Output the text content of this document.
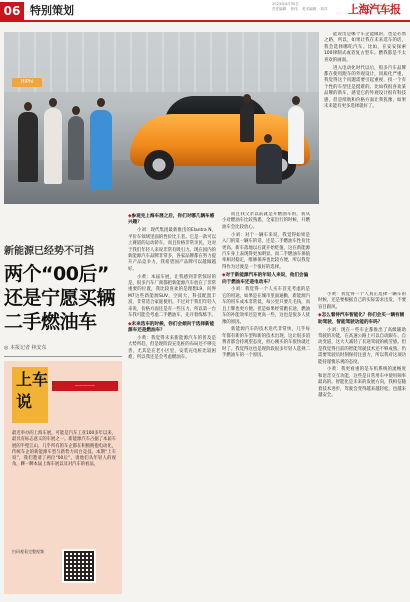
06 特别策划	2023年4月30日
责任编辑 张伟 美术编辑 刘洋	上海汽车报
HiPhi

能说出是哪个车企能做的，也是必然之路，所以，如果让我在未来选车的话，我会选择哪吒汽车。比如，在安安探索100律制式或者复古型车。燃我都是不太喜欢的画面。

进入电动化时代以后，很多汽车品牌都在使用跑车的外观设计，同质化严重，我觉得这个问题需要引起重视，找一个有个性的车型还是挺难的。比如我很喜欢某品牌的新车，感觉它的外观设计很有科技感，但是续航和价格方面让我犹豫，如果未来能有更多选择就好了。

新能源已经势不可挡
两个“00后”
还是宁愿买辆
二手燃油车
◎ 本报记者 林安东
上车说
—————

最近举办的上海车展，可能是汽车工业100多年以来，最具有标志意义的车展之一。新能源汽车占据了本届车展的半壁江山，几乎所有的车企都在积极拥抱电动化，传统车企的新能源车型与新势力同台竞技。本期“上车说”，我们邀请了两位“00后”，请他们从年轻人的视角，聊一聊本届上海车展以及对汽车的看法。

扫码观看完整视频

◆ 参观完上海车展之后，你们对哪几辆车感兴趣？

小刘：现代集团最新推出的Elantra N，平价车领域里面的性价比王者。它是一款可以上赛道的运动轿车，而且价格非常亲民，这对于我们年轻人来说非常有吸引力。现在国内的新能源汽车品牌非常多，各家品牌都在努力提升产品竞争力，我希望国产品牌可以越做越好。

小黄：本届车展，让我感到非常惊讶的是，很多汽车厂商都把新能源汽车放在了非常重要的位置，我比较喜欢的是理想L9、问界M7这些新能源SUV，空间大，科技配置丰富，非常适合家庭使用。不过对于我们年轻人来说，价格方面还是有一些压力，所以第一台车我可能会考虑二手燃油车，先开着练练手。

◆ 未来选车的时候，你们会倾向于选择新能源车还是燃油车？

小黄：我觉得未来新能源汽车的普及是大势所趋，但是现阶段充电桩的布局还不够完善，尤其是在老小区里，安装充电桩比较困难，所以我还是会考虑燃油车。

而且我父亲以前就是开燃油车的，我从小对燃油车比较熟悉，全家出行的时候，开燃油车会比较放心。

小刘：对于一辆车来说，我觉得如果是入门的第一辆车的话，还是二手燃油车性价比更高。新车落地以后就开始贬值，这在新能源汽车身上表现得更加明显。而二手燃油车保值率相对稳定，维修保养也比较方便，所以我觉得作为过渡是一个很好的选择。

◆ 对于新能源汽车的年轻人来说，他们会偏向于燃油车还是电动车？

小刘：我觉得一个人买车首先考虑的是它的用途。如果是在城市里面通勤，新能源汽车的用车成本非常低，每公里只要几毛钱，而且上牌也更方便。但是如果经常跑长途，燃油车的补能效率还是更高一些，这也是很多人犹豫的原因。

新能源汽车的技术迭代非常快，几乎每年都有新的车型和新的技术出现，这让很多消费者都会持观望态度，担心刚买的车很快就过时了。我觉得这也是现阶段很多年轻人选择二手燃油车的一个原因。

小黄：我觉得一个人真正选择一辆车的时候，还是要根据自己的实际需求出发，不要盲目跟风。

◆ 怎么看待汽车智能化？你们会买一辆有辅助驾驶、智能驾驶功能的车吗？

小刘：现在一些车企都推出了高级辅助驾驶的功能，在高速公路上可以自动跟车、自动变道，这大大减轻了长途驾驶的疲劳感。但是我觉得目前的智能驾驶技术还不够成熟，仍需要驾驶员时刻保持注意力，所以我对这项功能持谨慎乐观的态度。

小黄：我更看重的是车机系统的流畅度和语音交互功能，这些是日常用车中使用频率最高的。智能化是未来的发展方向，我相信随着技术进步，驾驶会变得越来越轻松，也越来越安全。
